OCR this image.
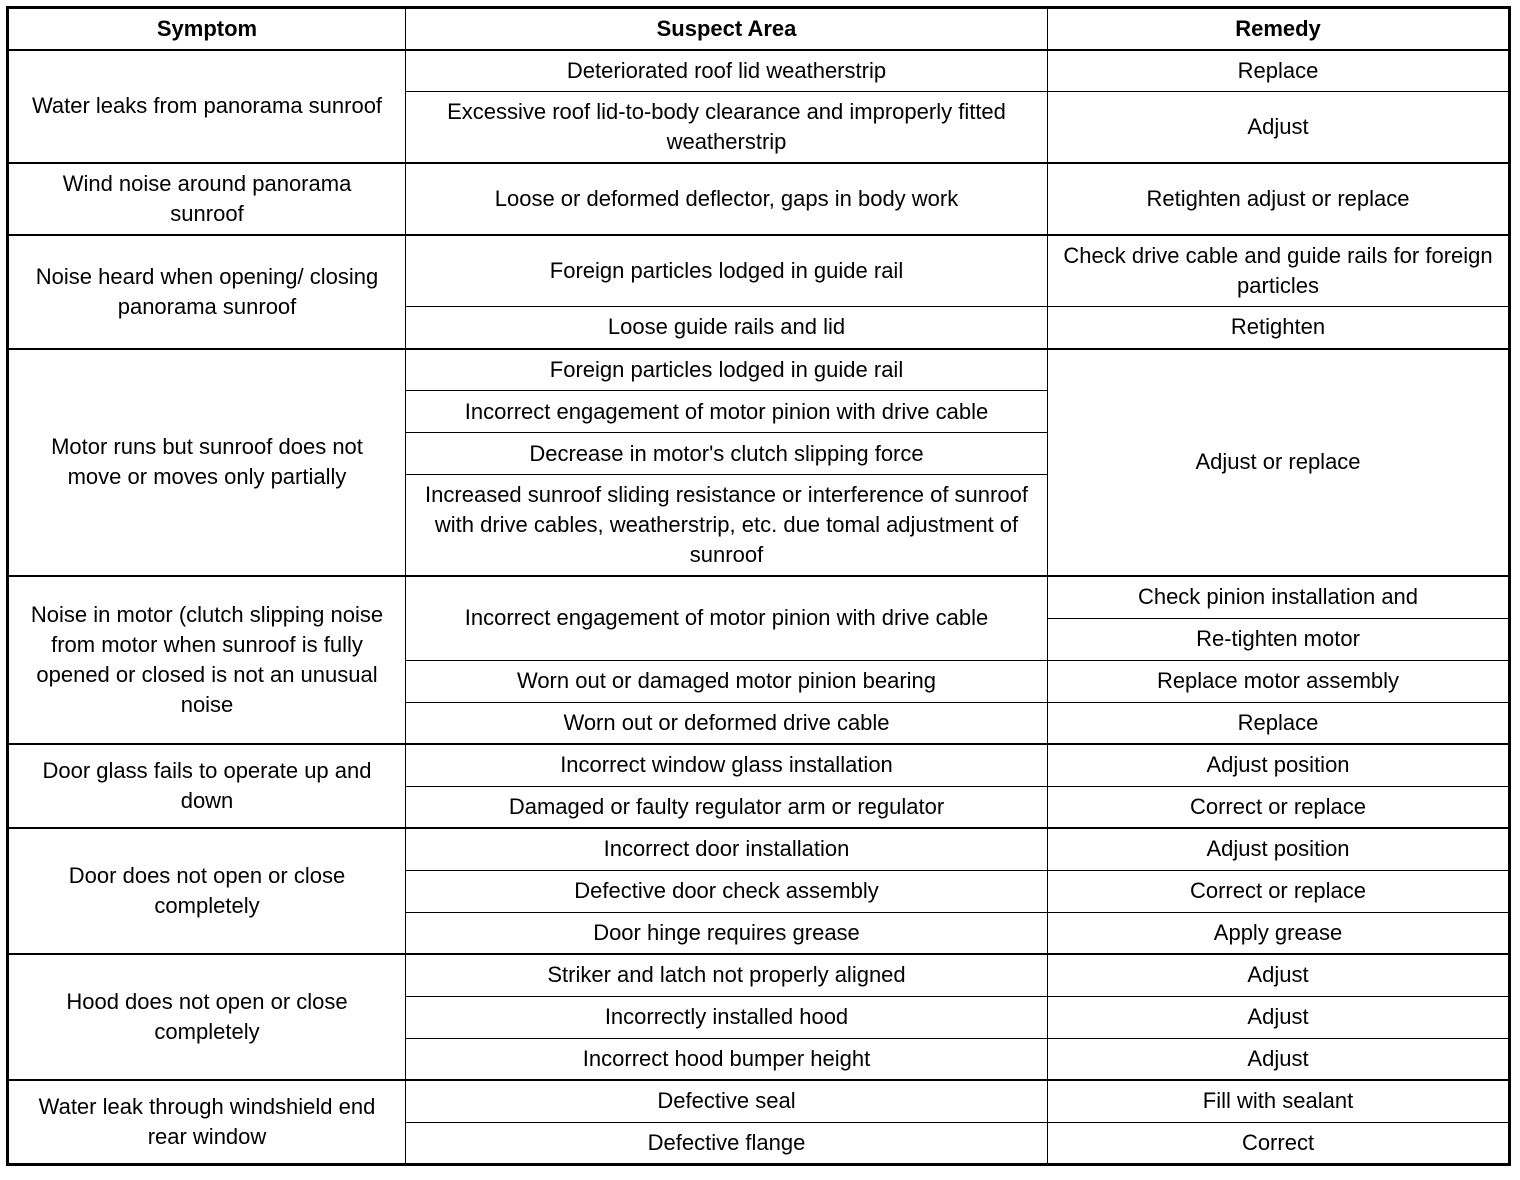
Symptom	Suspect Area	Remedy
Water leaks from panorama sunroof	Deteriorated roof lid weatherstrip	Replace
	Excessive roof lid-to-body clearance and improperly fitted weatherstrip	Adjust
Wind noise around panorama sunroof	Loose or deformed deflector, gaps in body work	Retighten adjust or replace
Noise heard when opening/ closing panorama sunroof	Foreign particles lodged in guide rail	Check drive cable and guide rails for foreign particles
	Loose guide rails and lid	Retighten
Motor runs but sunroof does not move or moves only partially	Foreign particles lodged in guide rail	Adjust or replace
	Incorrect engagement of motor pinion with drive cable	
	Decrease in motor's clutch slipping force	
	Increased sunroof sliding resistance or interference of sunroof with drive cables, weatherstrip, etc. due tomal adjustment of sunroof	
Noise in motor (clutch slipping noise from motor when sunroof is fully opened or closed is not an unusual noise	Incorrect engagement of motor pinion with drive cable	Check pinion installation and
		Re-tighten motor
	Worn out or damaged motor pinion bearing	Replace motor assembly
	Worn out or deformed drive cable	Replace
Door glass fails to operate up and down	Incorrect window glass installation	Adjust position
	Damaged or faulty regulator arm or regulator	Correct or replace
Door does not open or close completely	Incorrect door installation	Adjust position
	Defective door check assembly	Correct or replace
	Door hinge requires grease	Apply grease
Hood does not open or close completely	Striker and latch not properly aligned	Adjust
	Incorrectly installed hood	Adjust
	Incorrect hood bumper height	Adjust
Water leak through windshield end rear window	Defective seal	Fill with sealant
	Defective flange	Correct
